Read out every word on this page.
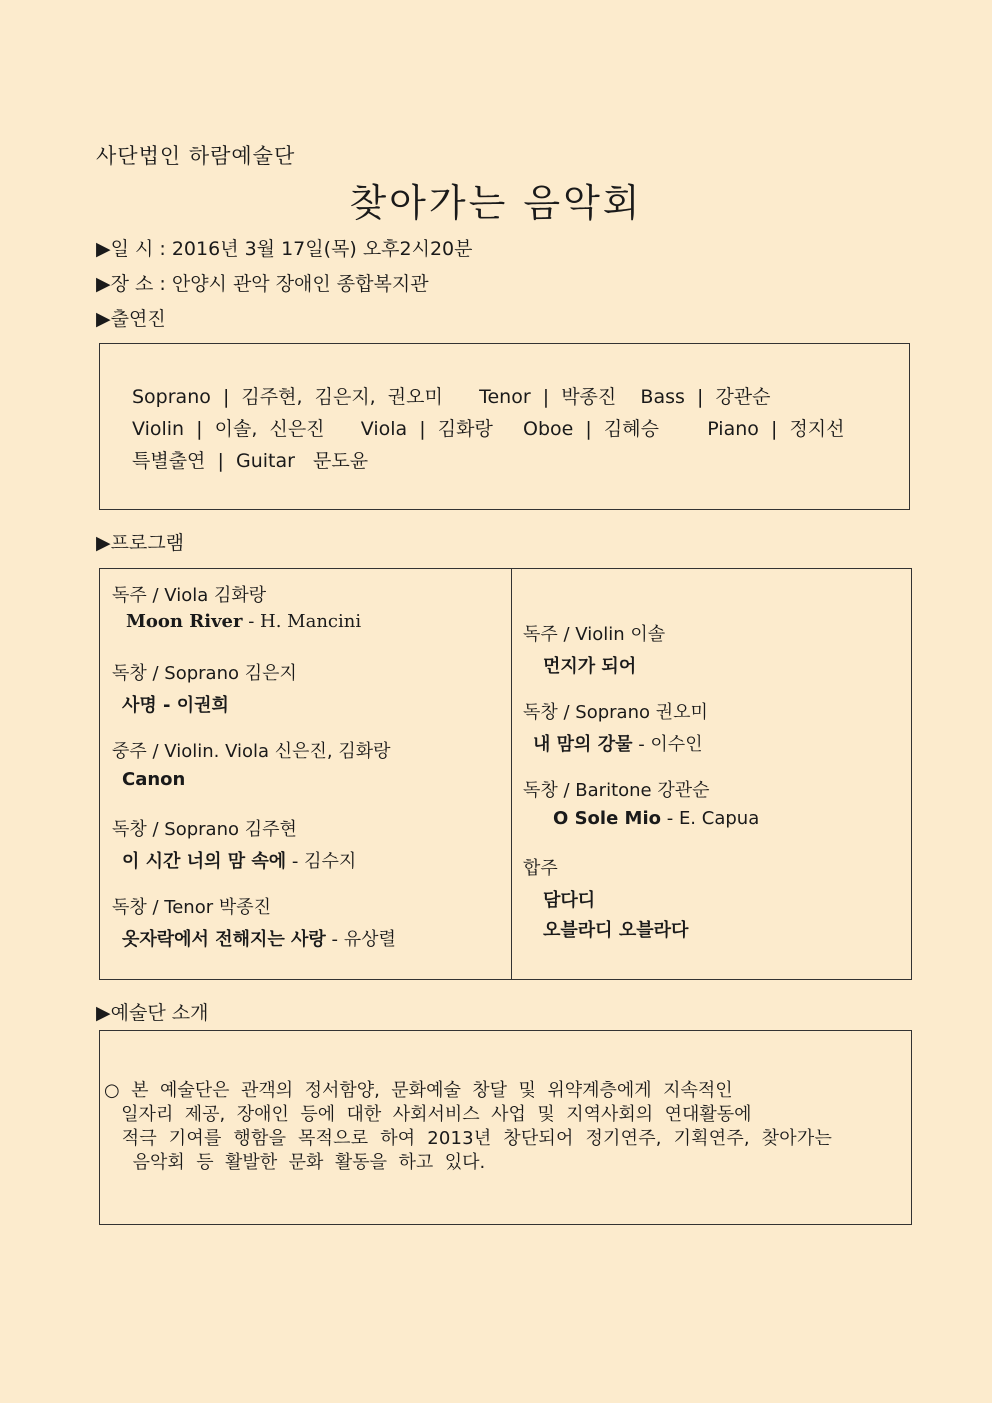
사단법인 하람예술단
찾아가는 음악회
▶일 시 : 2016년 3월 17일(목) 오후2시20분
▶장 소 : 안양시 관악 장애인 종합복지관
▶출연진
Soprano  |  김주현,  김은지,  권오미      Tenor  |  박종진    Bass  |  강관순
Violin  |  이솔,  신은진      Viola  |  김화랑     Oboe  |  김혜승        Piano  |  정지선
특별출연  |  Guitar   문도윤
▶프로그램
독주 / Viola 김화랑
Moon River - H. Mancini
독창 / Soprano 김은지
사명 - 이권희
중주 / Violin. Viola 신은진, 김화랑
Canon
독창 / Soprano 김주현
이 시간 너의 맘 속에 - 김수지
독창 / Tenor 박종진
옷자락에서 전해지는 사랑 - 유상렬
독주 / Violin 이솔
먼지가 되어
독창 / Soprano 권오미
내 맘의 강물 - 이수인
독창 / Baritone 강관순
O Sole Mio - E. Capua
합주
담다디
오블라디 오블라다
▶예술단 소개

○  본  예술단은  관객의  정서함양,  문화예술  창달  및  위약계층에게  지속적인

일자리  제공,  장애인  등에  대한  사회서비스  사업  및  지역사회의  연대활동에

적극  기여를  행함을  목적으로  하여  2013년  창단되어  정기연주,  기획연주,  찾아가는

음악회  등  활발한  문화  활동을  하고  있다.
